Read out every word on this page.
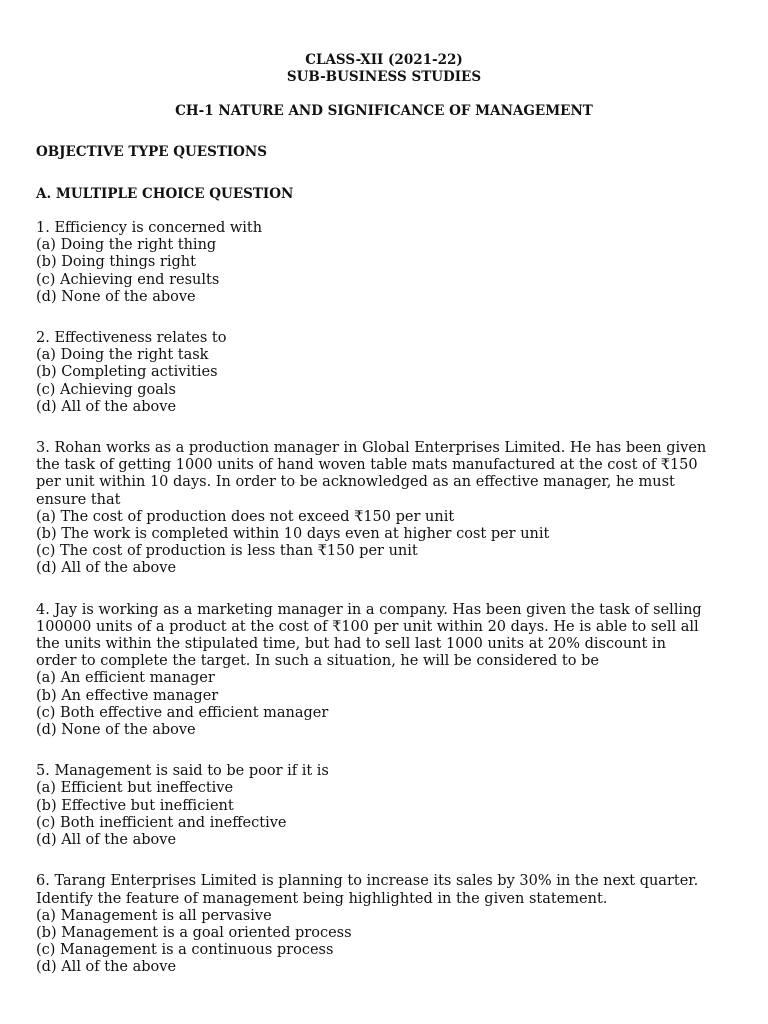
CLASS-XII (2021-22)

SUB-BUSINESS STUDIES

CH-1 NATURE AND SIGNIFICANCE OF MANAGEMENT

OBJECTIVE TYPE QUESTIONS

A. MULTIPLE CHOICE QUESTION

1. Efficiency is concerned with
(a) Doing the right thing
(b) Doing things right
(c) Achieving end results
(d) None of the above
2. Effectiveness relates to
(a) Doing the right task
(b) Completing activities
(c) Achieving goals
(d) All of the above
3. Rohan works as a production manager in Global Enterprises Limited. He has been given
the task of getting 1000 units of hand woven table mats manufactured at the cost of ₹150
per unit within 10 days. In order to be acknowledged as an effective manager, he must
ensure that
(a) The cost of production does not exceed ₹150 per unit
(b) The work is completed within 10 days even at higher cost per unit
(c) The cost of production is less than ₹150 per unit
(d) All of the above
4. Jay is working as a marketing manager in a company. Has been given the task of selling
100000 units of a product at the cost of ₹100 per unit within 20 days. He is able to sell all
the units within the stipulated time, but had to sell last 1000 units at 20% discount in
order to complete the target. In such a situation, he will be considered to be
(a) An efficient manager
(b) An effective manager
(c) Both effective and efficient manager
(d) None of the above
5. Management is said to be poor if it is
(a) Efficient but ineffective
(b) Effective but inefficient
(c) Both inefficient and ineffective
(d) All of the above
6. Tarang Enterprises Limited is planning to increase its sales by 30% in the next quarter.
Identify the feature of management being highlighted in the given statement.
(a) Management is all pervasive
(b) Management is a goal oriented process
(c) Management is a continuous process
(d) All of the above
